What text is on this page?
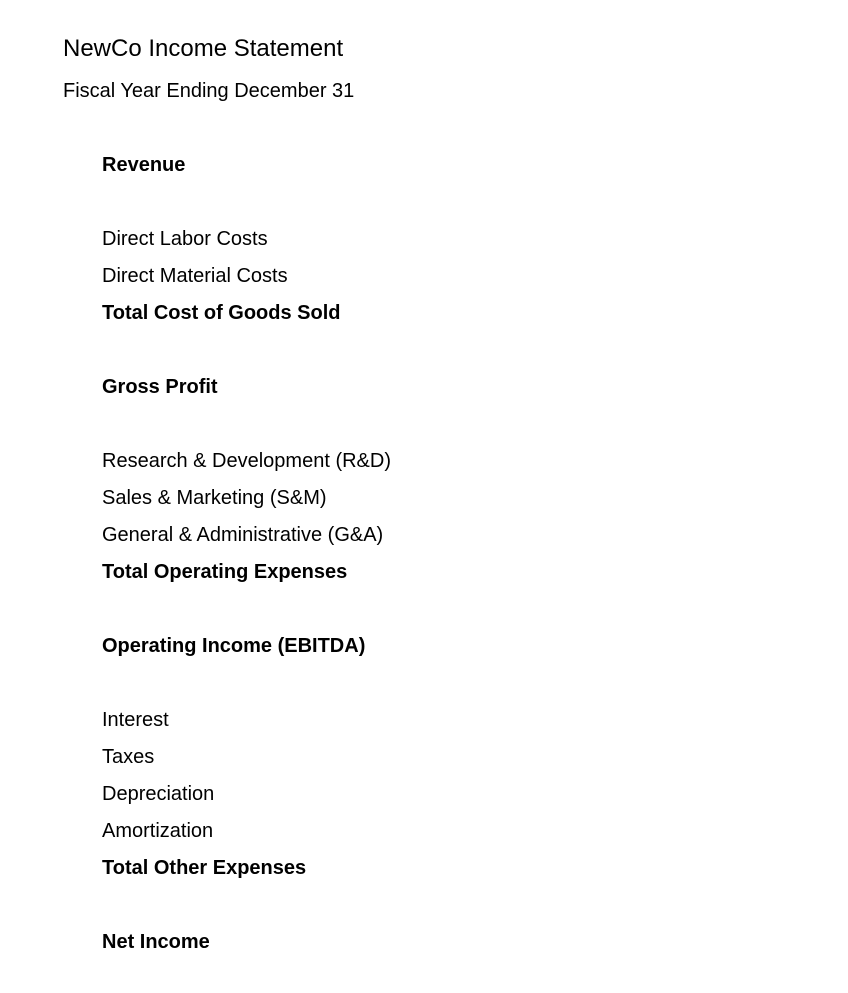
NewCo Income Statement
Fiscal Year Ending December 31
Revenue
Direct Labor Costs
Direct Material Costs
Total Cost of Goods Sold
Gross Profit
Research & Development (R&D)
Sales & Marketing (S&M)
General & Administrative (G&A)
Total Operating Expenses
Operating Income (EBITDA)
Interest
Taxes
Depreciation
Amortization
Total Other Expenses
Net Income
